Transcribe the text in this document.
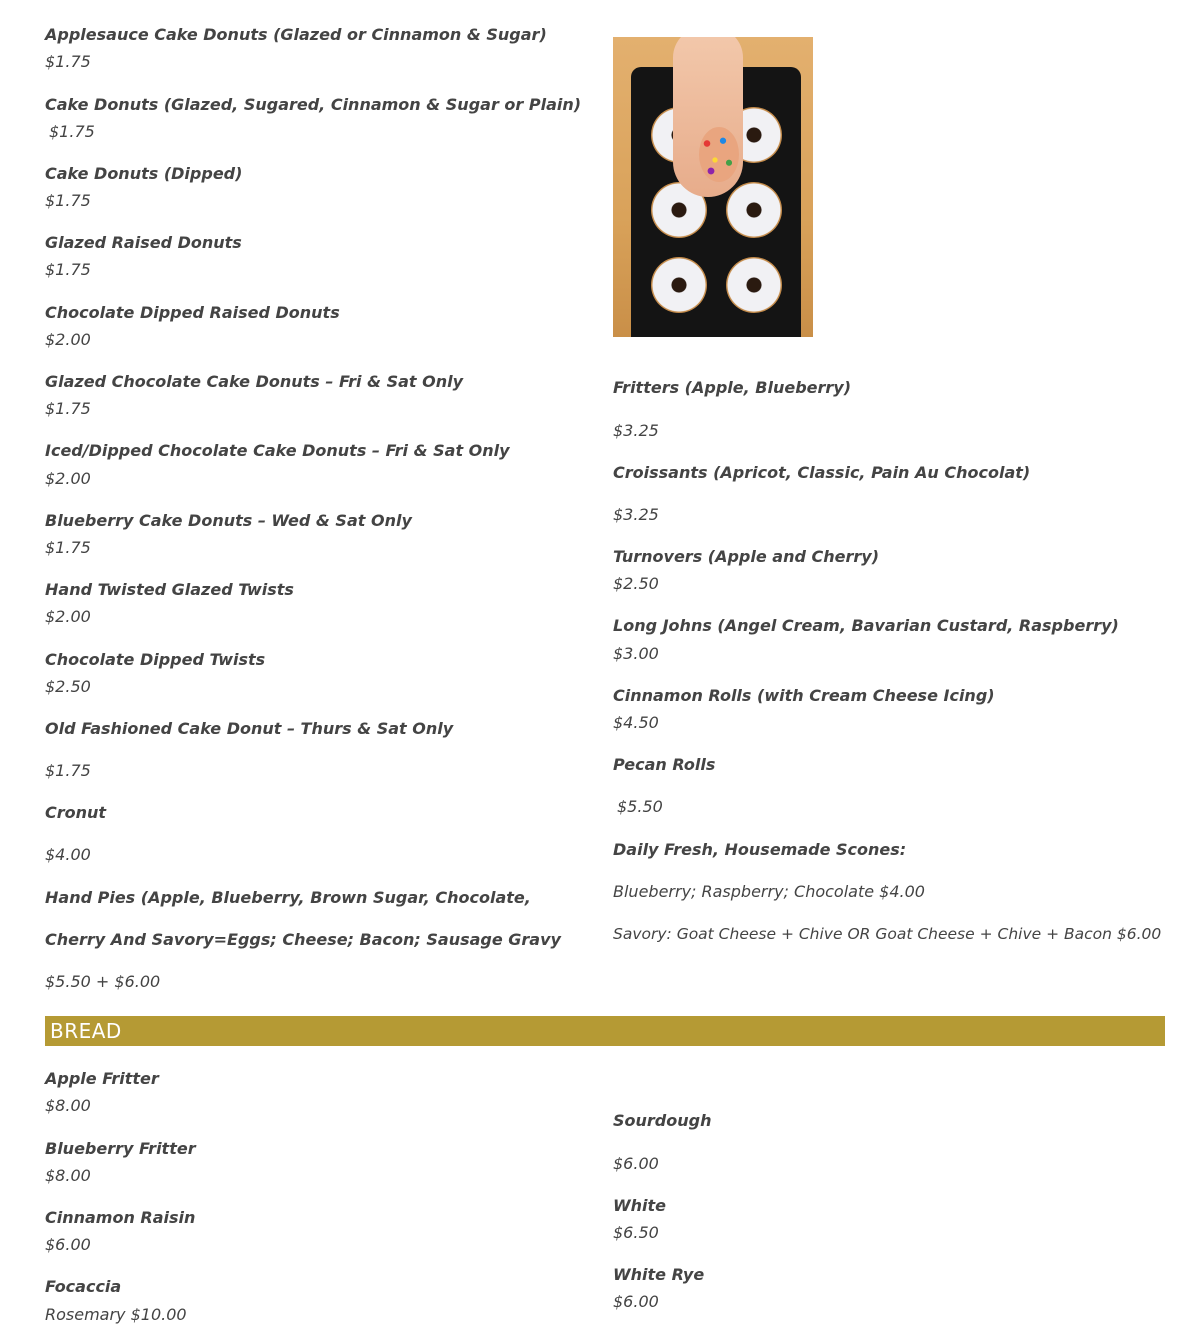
Applesauce Cake Donuts (Glazed or Cinnamon & Sugar)
$1.75
Cake Donuts (Glazed, Sugared, Cinnamon & Sugar or Plain)
$1.75
Cake Donuts (Dipped)
$1.75
Glazed Raised Donuts
$1.75
Chocolate Dipped Raised Donuts
$2.00
Glazed Chocolate Cake Donuts – Fri & Sat Only
$1.75
Iced/Dipped Chocolate Cake Donuts – Fri & Sat Only
$2.00
Blueberry Cake Donuts – Wed & Sat Only
$1.75
Hand Twisted Glazed Twists
$2.00
Chocolate Dipped Twists
$2.50
Old Fashioned Cake Donut – Thurs & Sat Only
$1.75
Cronut
$4.00
Hand Pies (Apple, Blueberry, Brown Sugar, Chocolate,
Cherry And Savory=Eggs; Cheese; Bacon; Sausage Gravy
$5.50 + $6.00
Fritters (Apple, Blueberry)
$3.25
Croissants (Apricot, Classic, Pain Au Chocolat)
$3.25
Turnovers (Apple and Cherry)
$2.50
Long Johns (Angel Cream, Bavarian Custard, Raspberry)
$3.00
Cinnamon Rolls (with Cream Cheese Icing)
$4.50
Pecan Rolls
$5.50
Daily Fresh, Housemade Scones:
Blueberry; Raspberry; Chocolate $4.00
Savory: Goat Cheese + Chive OR Goat Cheese + Chive + Bacon $6.00
BREAD
Apple Fritter
$8.00
Blueberry Fritter
$8.00
Cinnamon Raisin
$6.00
Focaccia
Rosemary $10.00
Sourdough
$6.00
White
$6.50
White Rye
$6.00
